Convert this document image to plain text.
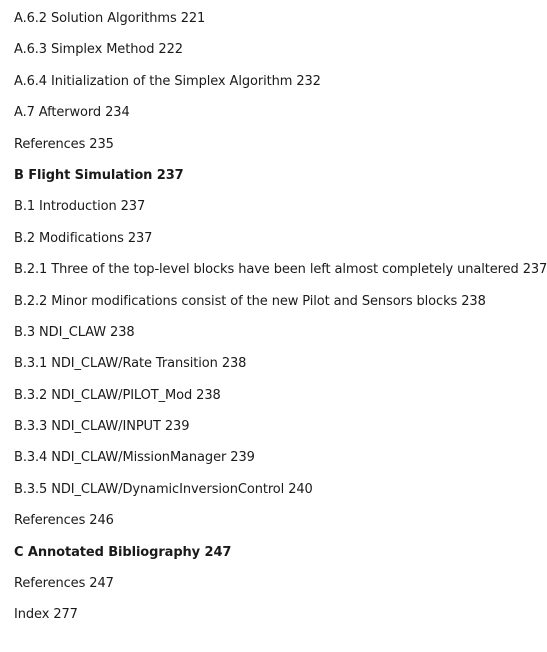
A.6.2 Solution Algorithms 221
A.6.3 Simplex Method 222
A.6.4 Initialization of the Simplex Algorithm 232
A.7 Afterword 234
References 235
B Flight Simulation 237
B.1 Introduction 237
B.2 Modifications 237
B.2.1 Three of the top-level blocks have been left almost completely unaltered 237
B.2.2 Minor modifications consist of the new Pilot and Sensors blocks 238
B.3 NDI_CLAW 238
B.3.1 NDI_CLAW/Rate Transition 238
B.3.2 NDI_CLAW/PILOT_Mod 238
B.3.3 NDI_CLAW/INPUT 239
B.3.4 NDI_CLAW/MissionManager 239
B.3.5 NDI_CLAW/DynamicInversionControl 240
References 246
C Annotated Bibliography 247
References 247
Index 277
